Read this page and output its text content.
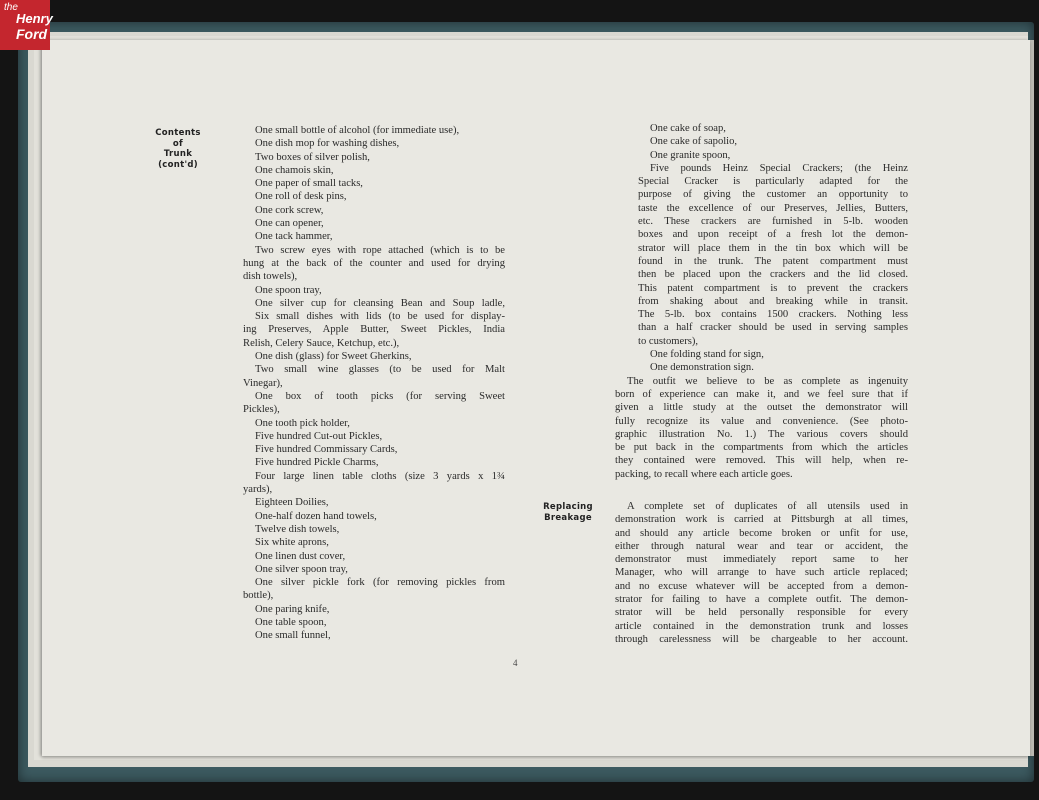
the
Henry
Ford
Contents
of
Trunk
(cont'd)
Replacing
Breakage
One small bottle of alcohol (for immediate use),
One dish mop for washing dishes,
Two boxes of silver polish,
One chamois skin,
One paper of small tacks,
One roll of desk pins,
One cork screw,
One can opener,
One tack hammer,
Two screw eyes with rope attached (which is to be
hung at the back of the counter and used for drying
dish towels),
One spoon tray,
One silver cup for cleansing Bean and Soup ladle,
Six small dishes with lids (to be used for display-
ing Preserves, Apple Butter, Sweet Pickles, India
Relish, Celery Sauce, Ketchup, etc.),
One dish (glass) for Sweet Gherkins,
Two small wine glasses (to be used for Malt
Vinegar),
One box of tooth picks (for serving Sweet
Pickles),
One tooth pick holder,
Five hundred Cut-out Pickles,
Five hundred Commissary Cards,
Five hundred Pickle Charms,
Four large linen table cloths (size 3 yards x 1¾
yards),
Eighteen Doilies,
One-half dozen hand towels,
Twelve dish towels,
Six white aprons,
One linen dust cover,
One silver spoon tray,
One silver pickle fork (for removing pickles from
bottle),
One paring knife,
One table spoon,
One small funnel,
One cake of soap,
One cake of sapolio,
One granite spoon,
Five pounds Heinz Special Crackers; (the Heinz
Special Cracker is particularly adapted for the
purpose of giving the customer an opportunity to
taste the excellence of our Preserves, Jellies, Butters,
etc. These crackers are furnished in 5-lb. wooden
boxes and upon receipt of a fresh lot the demon-
strator will place them in the tin box which will be
found in the trunk. The patent compartment must
then be placed upon the crackers and the lid closed.
This patent compartment is to prevent the crackers
from shaking about and breaking while in transit.
The 5-lb. box contains 1500 crackers. Nothing less
than a half cracker should be used in serving samples
to customers),
One folding stand for sign,
One demonstration sign.
The outfit we believe to be as complete as ingenuity
born of experience can make it, and we feel sure that if
given a little study at the outset the demonstrator will
fully recognize its value and convenience. (See photo-
graphic illustration No. 1.) The various covers should
be put back in the compartments from which the articles
they contained were removed. This will help, when re-
packing, to recall where each article goes.
A complete set of duplicates of all utensils used in
demonstration work is carried at Pittsburgh at all times,
and should any article become broken or unfit for use,
either through natural wear and tear or accident, the
demonstrator must immediately report same to her
Manager, who will arrange to have such article replaced;
and no excuse whatever will be accepted from a demon-
strator for failing to have a complete outfit. The demon-
strator will be held personally responsible for every
article contained in the demonstration trunk and losses
through carelessness will be chargeable to her account.
4
